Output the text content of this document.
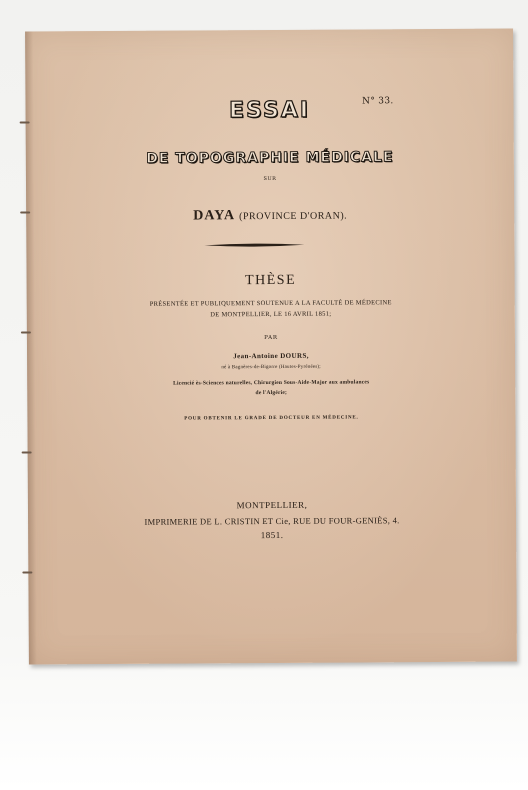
N° 33.
ESSAI
DE TOPOGRAPHIE MÉDICALE
SUR
DAYA (PROVINCE D'ORAN).
THÈSE
PRÉSENTÉE ET PUBLIQUEMENT SOUTENUE A LA FACULTÉ DE MÉDECINE
DE MONTPELLIER, LE 16 AVRIL 1851;
PAR
Jean-Antoine DOURS,
né à Bagnères-de-Bigorre (Hautes-Pyrénées);
Licencié ès-Sciences naturelles, Chirurgien Sous-Aide-Major aux ambulances
de l'Algérie;
POUR OBTENIR LE GRADE DE DOCTEUR EN MÉDECINE.
MONTPELLIER,
IMPRIMERIE DE L. CRISTIN ET Cie, RUE DU FOUR-GENIÈS, 4.
1851.
